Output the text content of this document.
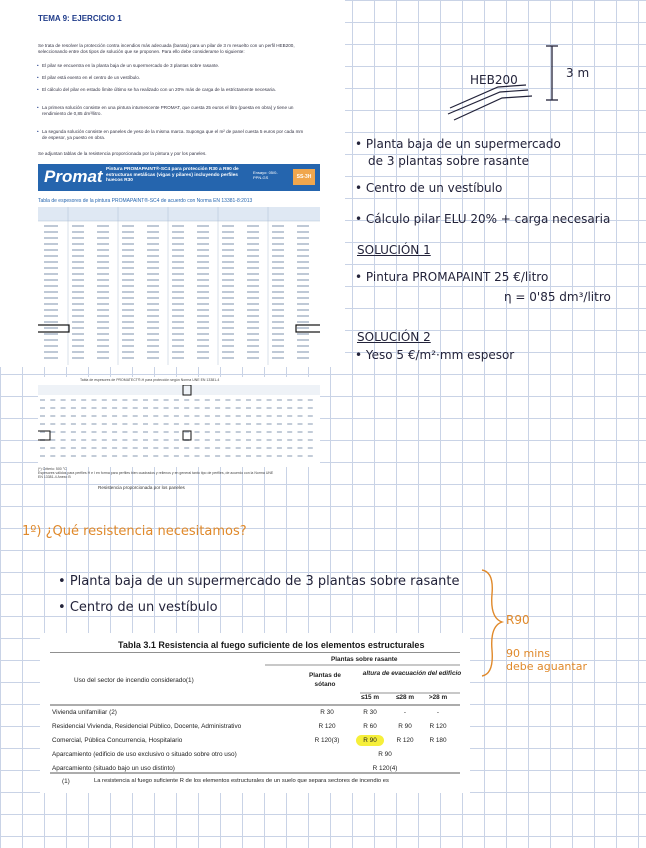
TEMA 9: EJERCICIO 1
Se trata de resolver la protección contra incendios más adecuada (barata) para un pilar de 3 m resuelto con un perfil HEB200, seleccionando entre dos tipos de solución que se proponen. Para ello debe considerarse lo siguiente:
• El pilar se encuentra en la planta baja de un supermercado de 3 plantas sobre rasante.
• El pilar está exento en el centro de un vestíbulo.
• El cálculo del pilar en estado límite último se ha realizado con un 20% más de carga de la estrictamente necesaria.
• La primera solución consiste en una pintura intumescente PROMAT, que cuesta 25 euros el litro (puesta en obra) y tiene un rendimiento de 0,85 dm³/litro.
• La segunda solución consiste en paneles de yeso de la misma marca. Suponga que el m² de panel cuesta 5 euros por cada mm de espesor, ya puesto en obra.
Se adjuntan tablas de la resistencia proporcionada por la pintura y por los paneles.
Promat Pintura PROMAPAINT®-SC4 para protección R30 a R90 de estructuras metálicas (vigas y pilares) incluyendo perfiles huecos R30
Ensayo: 05/0-PPN-GS	SS-3H
Tabla de espesores de la pintura PROMAPAINT®-SC4 de acuerdo con Norma EN 13381-8:2013
Tabla de espesores de PROMATECT®-H para protección según Norma UNE EN 13381-4
(*) Criterio: 500 °C
Espesores válidos para perfiles H e I en forma para perfiles bien cuadrados y rellenos y en general tanto tipo de perfiles, de acuerdo con la Norma UNE EN 13381-4 Anexo B
Resistencia proporcionada por los paneles
HEB200	3 m
• Planta baja de un supermercado
de 3 plantas sobre rasante
• Centro de un vestíbulo
• Cálculo pilar ELU 20% + carga necesaria
SOLUCIÓN 1
• Pintura PROMAPAINT 25 €/litro
η = 0'85 dm³/litro
SOLUCIÓN 2
• Yeso 5 €/m²·mm espesor
1º) ¿Qué resistencia necesitamos?
• Planta baja de un supermercado de 3 plantas sobre rasante
• Centro de un vestíbulo
R90
90 mins
debe aguantar
Tabla 3.1 Resistencia al fuego suficiente de los elementos estructurales
Plantas sobre rasante
Uso del sector de incendio considerado(1)
Plantas de sótano
altura de evacuación del edificio
≤15 m	≤28 m	>28 m
Vivienda unifamiliar (2)	R 30	R 30	-	-
Residencial Vivienda, Residencial Público, Docente, Administrativo	R 120	R 60	R 90	R 120
Comercial, Pública Concurrencia, Hospitalario	R 120(3)	R 90	R 120	R 180
Aparcamiento (edificio de uso exclusivo o situado sobre otro uso)	R 90
Aparcamiento (situado bajo un uso distinto)	R 120(4)
(1)	La resistencia al fuego suficiente R de los elementos estructurales de un suelo que separa sectores de incendio es
